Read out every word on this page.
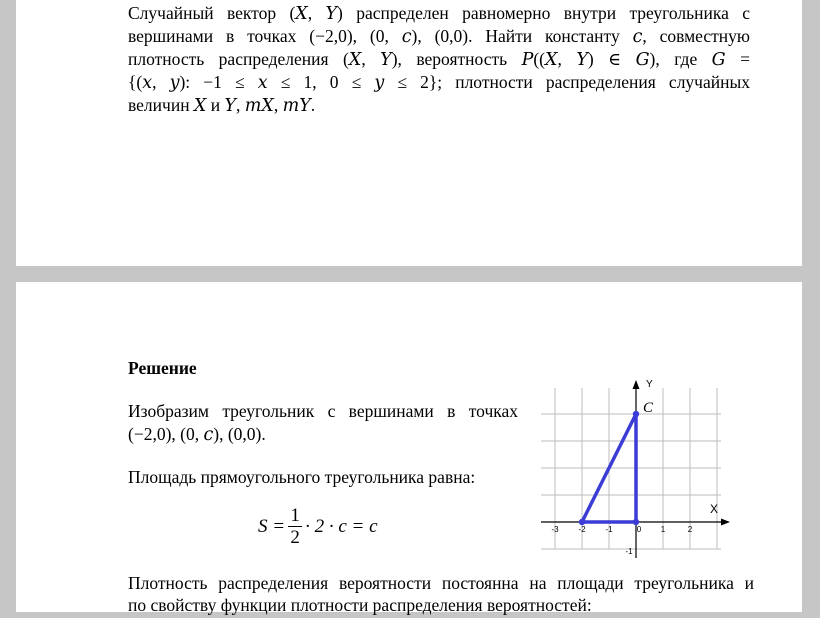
Случайный вектор (𝑋, 𝑌) распределен равномерно внутри треугольника с
вершинами в точках (−2,0), (0, 𝑐), (0,0). Найти константу 𝑐, совместную
плотность распределения (𝑋, 𝑌), вероятность 𝑃((𝑋, 𝑌) ∈ 𝐺), где 𝐺 =
{(𝑥, 𝑦): −1 ≤ 𝑥 ≤ 1, 0 ≤ 𝑦 ≤ 2}; плотности распределения случайных
величин 𝑋 и 𝑌, 𝑚𝑋, 𝑚𝑌.
Решение
Изобразим треугольник с вершинами в точках
(−2,0), (0, 𝑐), (0,0).
Площадь прямоугольного треугольника равна:
$S = \frac{1}{2} \cdot 2 \cdot c = c$
Плотность распределения вероятности постоянна на площади треугольника и
по свойству функции плотности распределения вероятностей:
X
Y
-3 -2 -1	0 1	2
-1
C
